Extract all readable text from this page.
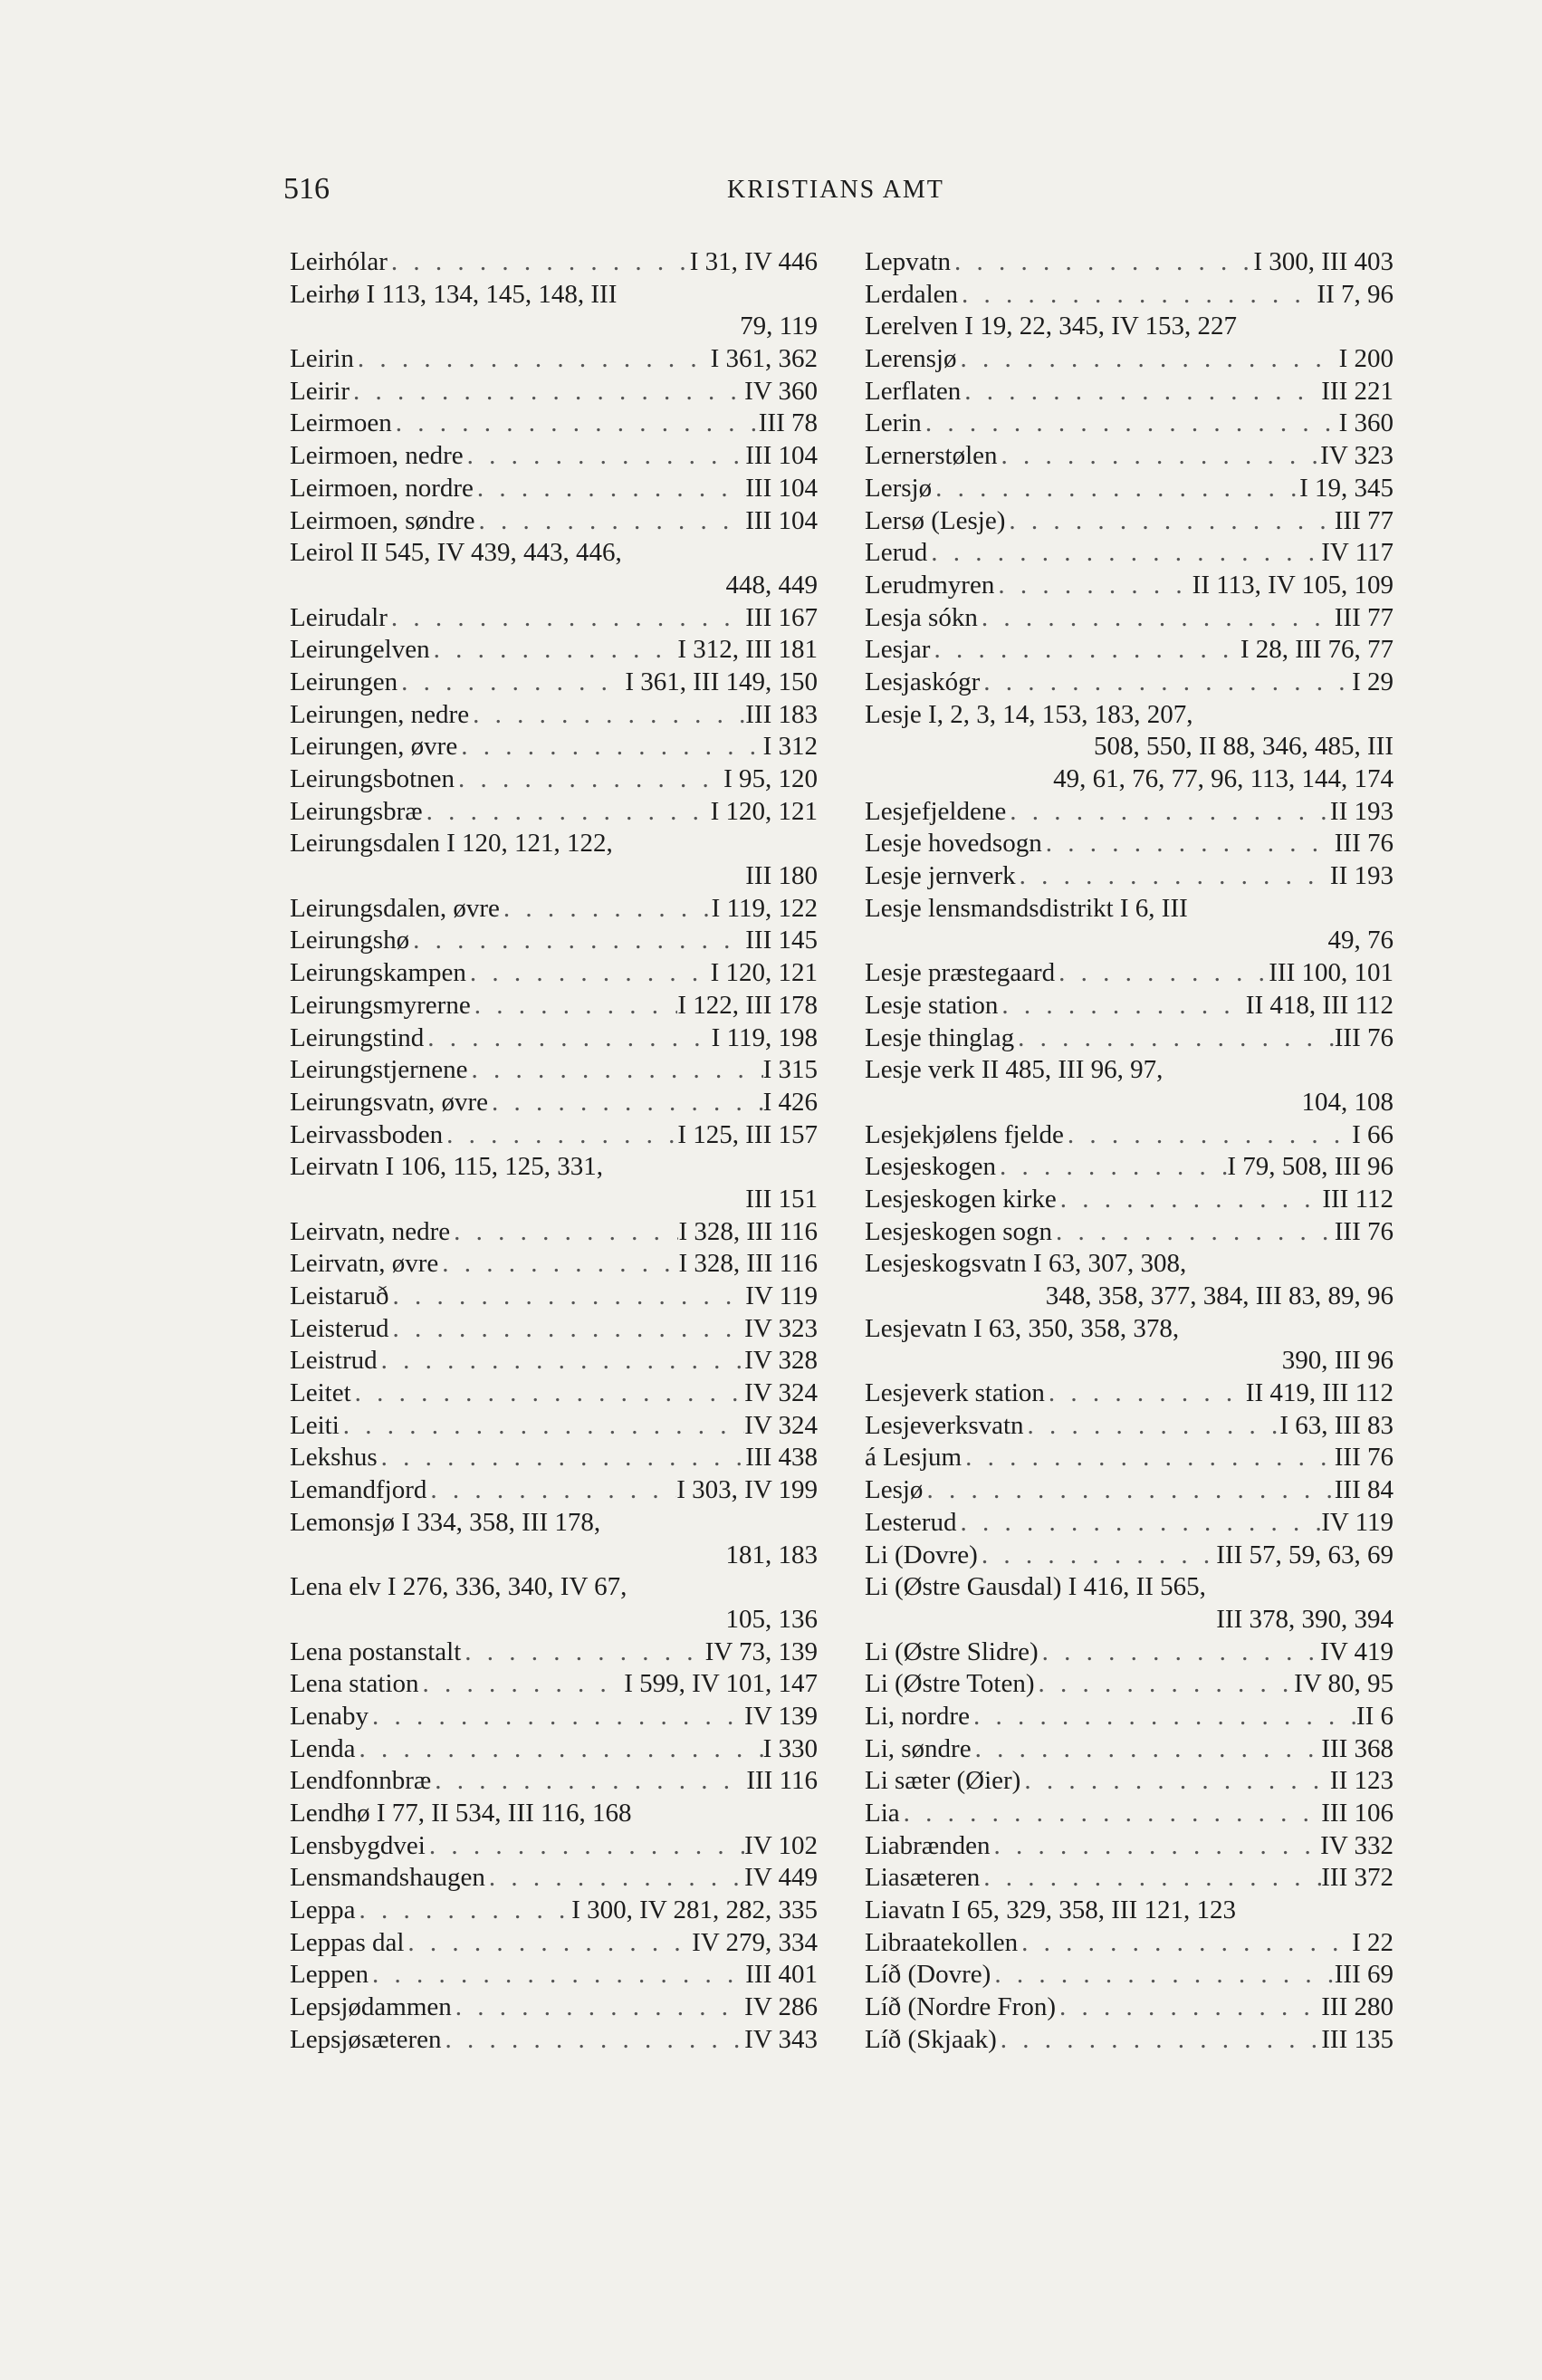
516	KRISTIANS AMT
Leirhólar . . .	I 31, IV 446
Leirhø I 113, 134, 145, 148, III
79, 119
Leirin . . .	I 361, 362
Leirir . . .	IV 360
Leirmoen . . .	III 78
Leirmoen, nedre . . .	III 104
Leirmoen, nordre . . .	III 104
Leirmoen, søndre . . .	III 104
Leirol II 545, IV 439, 443, 446,
448, 449
Leirudalr . . .	III 167
Leirungelven . . .	I 312, III 181
Leirungen . . .	I 361, III 149, 150
Leirungen, nedre . . .	III 183
Leirungen, øvre . . .	I 312
Leirungsbotnen . . .	I 95, 120
Leirungsbræ . . .	I 120, 121
Leirungsdalen I 120, 121, 122,
III 180
Leirungsdalen, øvre . . .	I 119, 122
Leirungshø . . .	III 145
Leirungskampen . . .	I 120, 121
Leirungsmyrerne . . .	I 122, III 178
Leirungstind . . .	I 119, 198
Leirungstjernene . . .	I 315
Leirungsvatn, øvre . . .	I 426
Leirvassboden . . .	I 125, III 157
Leirvatn I 106, 115, 125, 331,
III 151
Leirvatn, nedre . . .	I 328, III 116
Leirvatn, øvre . . .	I 328, III 116
Leistaruð . . .	IV 119
Leisterud . . .	IV 323
Leistrud . . .	IV 328
Leitet . . .	IV 324
Leiti . . .	IV 324
Lekshus . . .	III 438
Lemandfjord . . .	I 303, IV 199
Lemonsjø I 334, 358, III 178,
181, 183
Lena elv I 276, 336, 340, IV 67,
105, 136
Lena postanstalt . . .	IV 73, 139
Lena station . . .	I 599, IV 101, 147
Lenaby . . .	IV 139
Lenda . . .	I 330
Lendfonnbræ . . .	III 116
Lendhø I 77, II 534, III 116, 168
Lensbygdvei . . .	IV 102
Lensmandshaugen . . .	IV 449
Leppa . . .	I 300, IV 281, 282, 335
Leppas dal . . .	IV 279, 334
Leppen . . .	III 401
Lepsjødammen . . .	IV 286
Lepsjøsæteren . . .	IV 343
Lepvatn . . .	I 300, III 403
Lerdalen . . .	II 7, 96
Lerelven I 19, 22, 345, IV 153, 227
Lerensjø . . .	I 200
Lerflaten . . .	III 221
Lerin . . .	I 360
Lernerstølen . . .	IV 323
Lersjø . . .	I 19, 345
Lersø (Lesje) . . .	III 77
Lerud . . .	IV 117
Lerudmyren . . .	II 113, IV 105, 109
Lesja sókn . . .	III 77
Lesjar . . .	I 28, III 76, 77
Lesjaskógr . . .	I 29
Lesje I, 2, 3, 14, 153, 183, 207,
508, 550, II 88, 346, 485, III
49, 61, 76, 77, 96, 113, 144, 174
Lesjefjeldene . . .	II 193
Lesje hovedsogn . . .	III 76
Lesje jernverk . . .	II 193
Lesje lensmandsdistrikt I 6, III
49, 76
Lesje præstegaard . . .	III 100, 101
Lesje station . . .	II 418, III 112
Lesje thinglag . . .	III 76
Lesje verk II 485, III 96, 97,
104, 108
Lesjekjølens fjelde . . .	I 66
Lesjeskogen . . .	I 79, 508, III 96
Lesjeskogen kirke . . .	III 112
Lesjeskogen sogn . . .	III 76
Lesjeskogsvatn I 63, 307, 308,
348, 358, 377, 384, III 83, 89, 96
Lesjevatn I 63, 350, 358, 378,
390, III 96
Lesjeverk station . . .	II 419, III 112
Lesjeverksvatn . . .	I 63, III 83
á Lesjum . . .	III 76
Lesjø . . .	III 84
Lesterud . . .	IV 119
Li (Dovre) . . .	III 57, 59, 63, 69
Li (Østre Gausdal) I 416, II 565,
III 378, 390, 394
Li (Østre Slidre) . . .	IV 419
Li (Østre Toten) . . .	IV 80, 95
Li, nordre . . .	II 6
Li, søndre . . .	III 368
Li sæter (Øier) . . .	II 123
Lia . . .	III 106
Liabrænden . . .	IV 332
Liasæteren . . .	III 372
Liavatn I 65, 329, 358, III 121, 123
Libraatekollen . . .	I 22
Líð (Dovre) . . .	III 69
Líð (Nordre Fron) . . .	III 280
Líð (Skjaak) . . .	III 135
